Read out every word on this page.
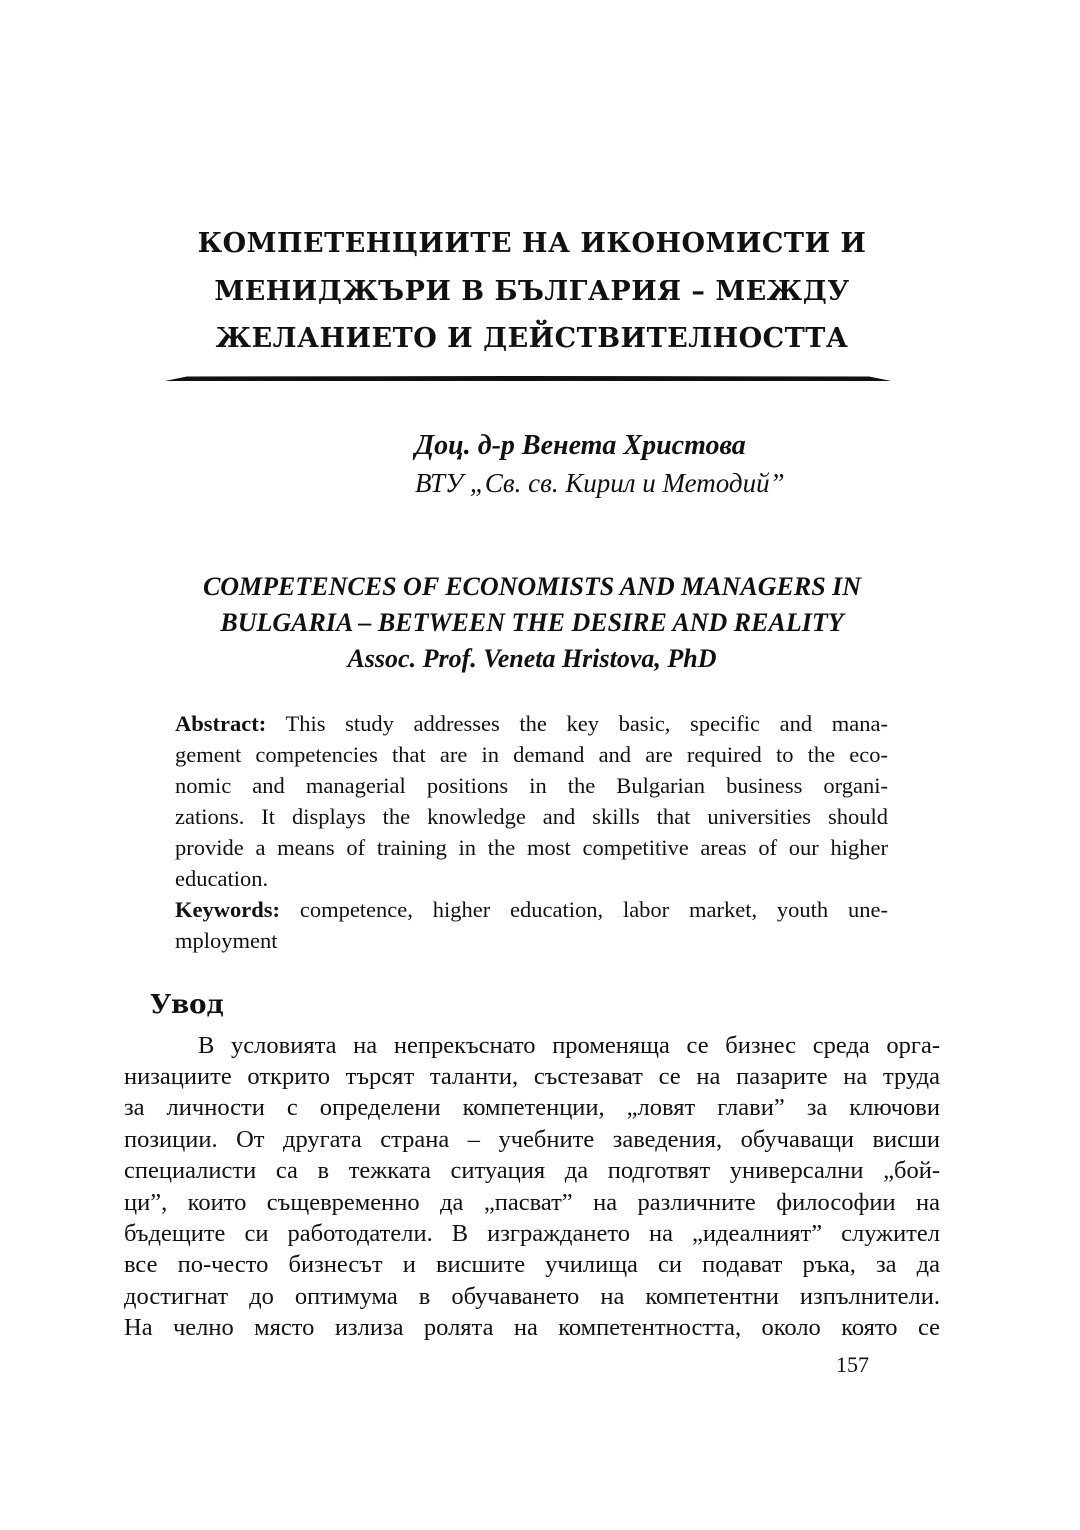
КОМПЕТЕНЦИИТЕ НА ИКОНОМИСТИ И
МЕНИДЖЪРИ В БЪЛГАРИЯ – МЕЖДУ
ЖЕЛАНИЕТО И ДЕЙСТВИТЕЛНОСТТА
Доц. д-р Венета Христова
ВТУ „Св. св. Кирил и Методий”
COMPETENCES OF ECONOMISTS AND MANAGERS IN
BULGARIA – BETWEEN THE DESIRE AND REALITY
Assoc. Prof. Veneta Hristova, PhD
Abstract: This study addresses the key basic, specific and mana-
gement competencies that are in demand and are required to the eco-
nomic and managerial positions in the Bulgarian business organi-
zations. It displays the knowledge and skills that universities should
provide a means of training in the most competitive areas of our higher
education.
Keywords: competence, higher education, labor market, youth une-
mployment
Увод
В условията на непрекъснато променяща се бизнес среда орга-
низациите открито търсят таланти, състезават се на пазарите на труда
за личности с определени компетенции, „ловят глави” за ключови
позиции. От другата страна – учебните заведения, обучаващи висши
специалисти са в тежката ситуация да подготвят универсални „бой-
ци”, които същевременно да „пасват” на различните философии на
бъдещите си работодатели. В изграждането на „идеалният” служител
все по-често бизнесът и висшите училища си подават ръка, за да
достигнат до оптимума в обучаването на компетентни изпълнители.
На челно място излиза ролята на компетентността, около която се
157
